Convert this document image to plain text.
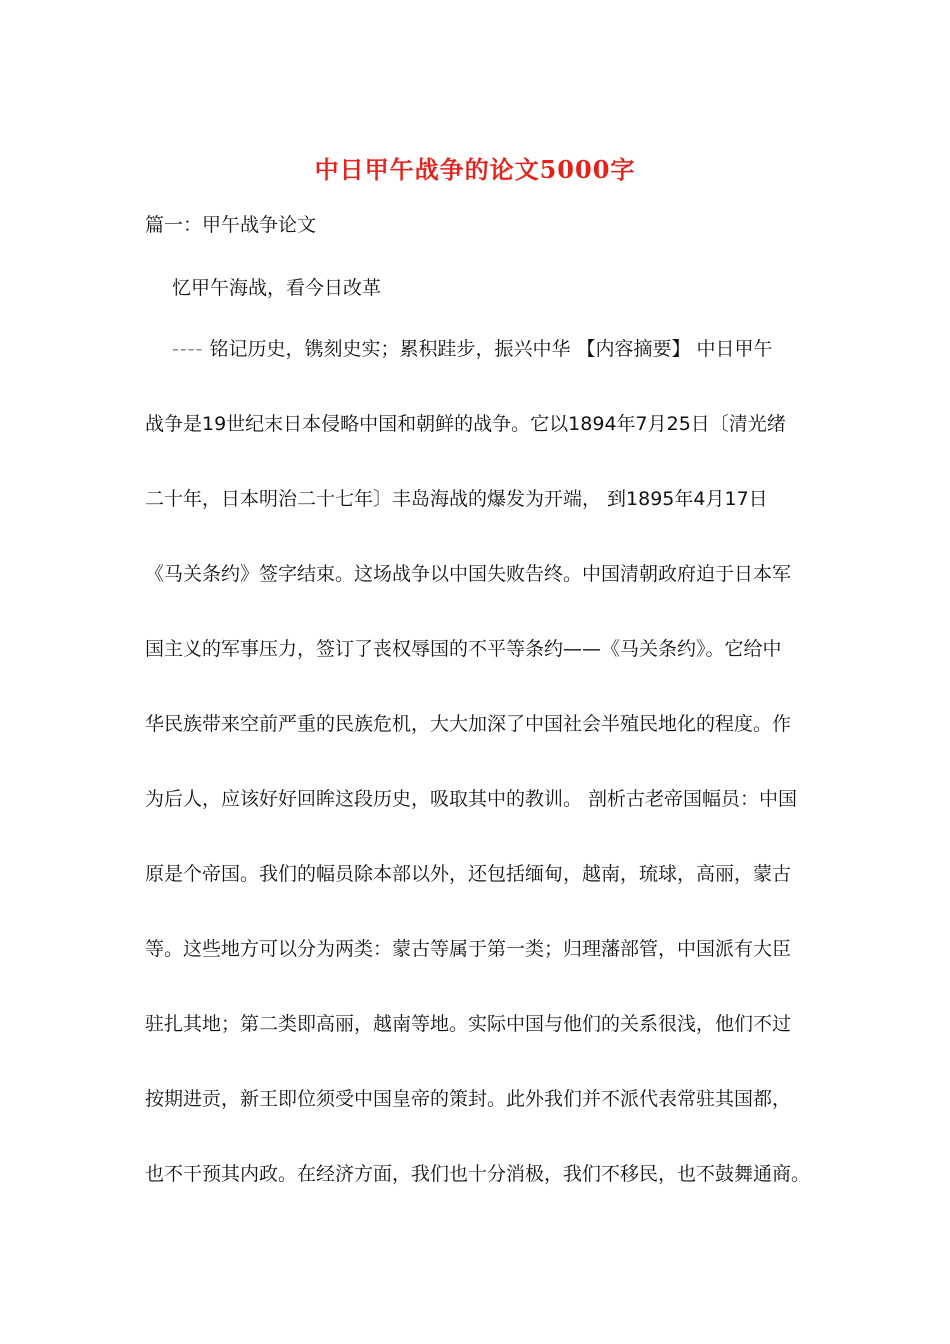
中日甲午战争的论文5000字
篇一：甲午战争论文
忆甲午海战，看今日改革
---- 铭记历史，镌刻史实；累积跬步，振兴中华 【内容摘要】 中日甲午
战争是19世纪末日本侵略中国和朝鲜的战争。它以1894年7月25日〔清光绪
二十年，日本明治二十七年〕丰岛海战的爆发为开端， 到1895年4月17日
《马关条约》签字结束。这场战争以中国失败告终。中国清朝政府迫于日本军
国主义的军事压力，签订了丧权辱国的不平等条约——《马关条约》。它给中
华民族带来空前严重的民族危机，大大加深了中国社会半殖民地化的程度。作
为后人，应该好好回眸这段历史，吸取其中的教训。 剖析古老帝国幅员：中国
原是个帝国。我们的幅员除本部以外，还包括缅甸，越南，琉球，高丽，蒙古
等。这些地方可以分为两类：蒙古等属于第一类；归理藩部管，中国派有大臣
驻扎其地；第二类即高丽，越南等地。实际中国与他们的关系很浅，他们不过
按期进贡，新王即位须受中国皇帝的策封。此外我们并不派代表常驻其国都，
也不干预其内政。在经济方面，我们也十分消极，我们不移民，也不鼓舞通商。
